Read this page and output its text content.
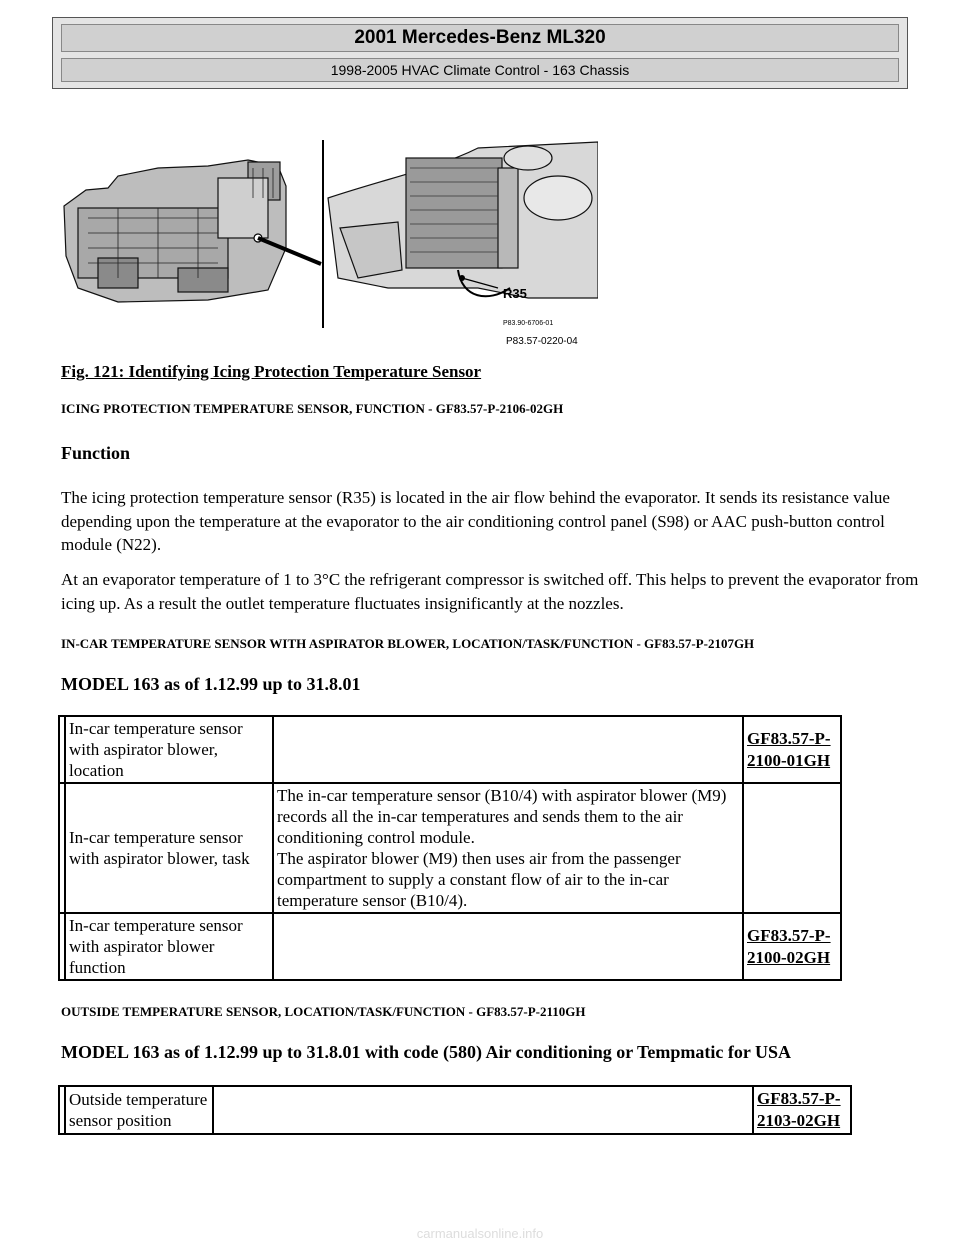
2001 Mercedes-Benz ML320
1998-2005 HVAC Climate Control - 163 Chassis
R35
P83.90-6706-01
P83.57-0220-04
Fig. 121: Identifying Icing Protection Temperature Sensor
ICING PROTECTION TEMPERATURE SENSOR, FUNCTION - GF83.57-P-2106-02GH
Function
The icing protection temperature sensor (R35) is located in the air flow behind the evaporator. It sends its resistance value depending upon the temperature at the evaporator to the air conditioning control panel (S98) or AAC push-button control module (N22).
At an evaporator temperature of 1 to 3°C the refrigerant compressor is switched off. This helps to prevent the evaporator from icing up. As a result the outlet temperature fluctuates insignificantly at the nozzles.
IN-CAR TEMPERATURE SENSOR WITH ASPIRATOR BLOWER, LOCATION/TASK/FUNCTION - GF83.57-P-2107GH
MODEL 163 as of 1.12.99 up to 31.8.01
	In-car temperature sensor with aspirator blower, location		GF83.57-P-2100-01GH
	In-car temperature sensor with aspirator blower, task	The in-car temperature sensor (B10/4) with aspirator blower (M9) records all the in-car temperatures and sends them to the air conditioning control module.
The aspirator blower (M9) then uses air from the passenger compartment to supply a constant flow of air to the in-car temperature sensor (B10/4).	

	In-car temperature sensor with aspirator blower function		GF83.57-P-2100-02GH
OUTSIDE TEMPERATURE SENSOR, LOCATION/TASK/FUNCTION - GF83.57-P-2110GH
MODEL 163 as of 1.12.99 up to 31.8.01 with code (580) Air conditioning or Tempmatic for USA
	Outside temperature sensor position		GF83.57-P-2103-02GH
carmanualsonline.info
